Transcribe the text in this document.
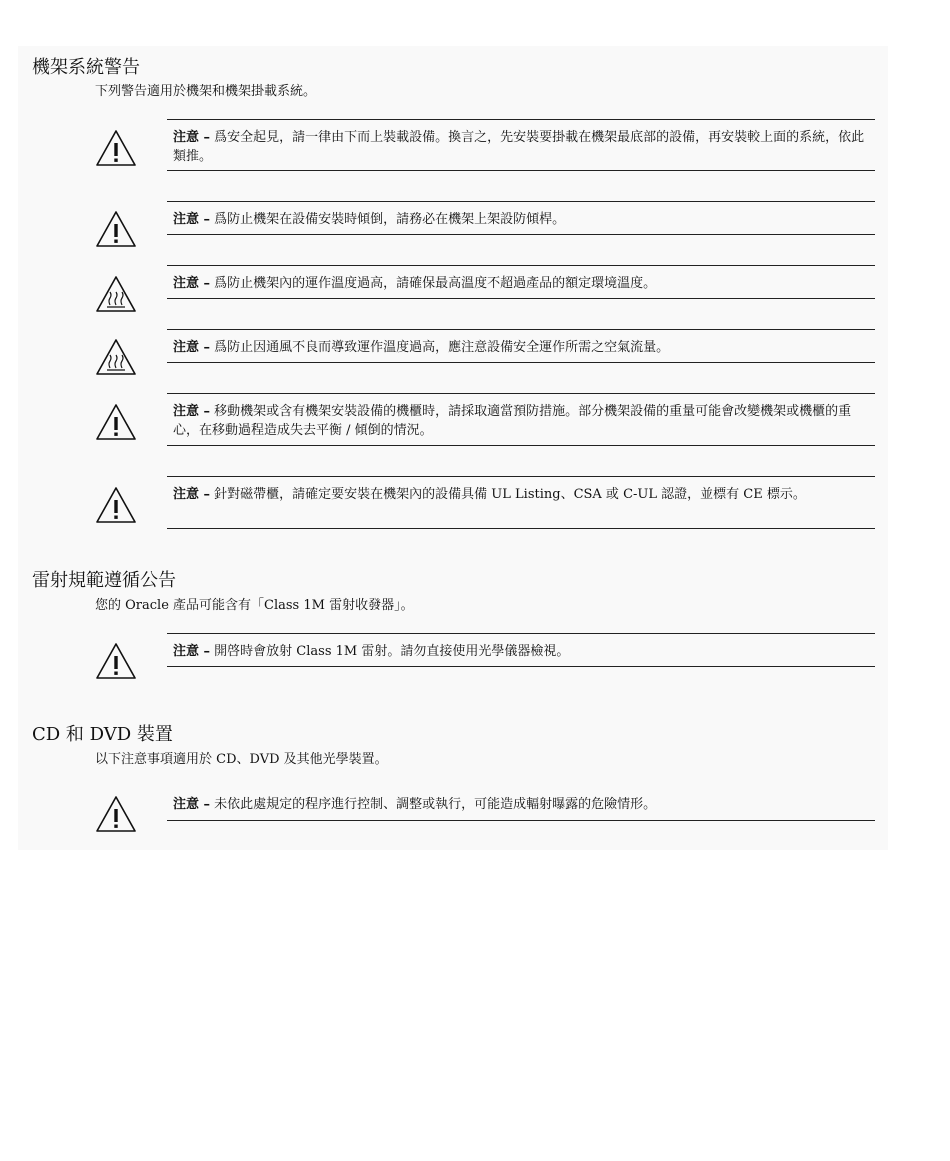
機架系統警告

下列警告適用於機架和機架掛載系統。

注意 – 爲安全起見，請一律由下而上裝載設備。換言之，先安裝要掛載在機架最底部的設備，再安裝較上面的系統，依此類推。
注意 – 爲防止機架在設備安裝時傾倒，請務必在機架上架設防傾桿。
注意 – 爲防止機架內的運作溫度過高，請確保最高溫度不超過產品的額定環境溫度。
注意 – 爲防止因通風不良而導致運作溫度過高，應注意設備安全運作所需之空氣流量。
注意 – 移動機架或含有機架安裝設備的機櫃時，請採取適當預防措施。部分機架設備的重量可能會改變機架或機櫃的重心，在移動過程造成失去平衡 / 傾倒的情況。
注意 – 針對磁帶櫃，請確定要安裝在機架內的設備具備 UL Listing、CSA 或 C-UL 認證，並標有 CE 標示。
雷射規範遵循公告

您的 Oracle 產品可能含有「Class 1M 雷射收發器」。

注意 – 開啓時會放射 Class 1M 雷射。請勿直接使用光學儀器檢視。
CD 和 DVD 裝置

以下注意事項適用於 CD、DVD 及其他光學裝置。

注意 – 未依此處規定的程序進行控制、調整或執行，可能造成輻射曝露的危險情形。
